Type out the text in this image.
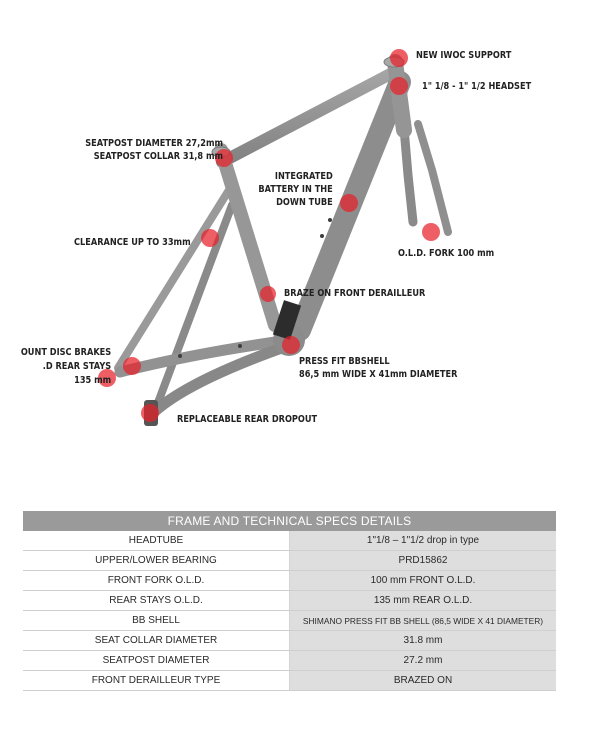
NEW IWOC SUPPORT
1" 1/8 - 1" 1/2 HEADSET
SEATPOST DIAMETER 27,2mm
SEATPOST COLLAR 31,8 mm
INTEGRATED
BATTERY IN THE
DOWN TUBE
O.L.D. FORK 100 mm
CLEARANCE UP TO 33mm
BRAZE ON FRONT DERAILLEUR
OUNT DISC BRAKES
.D REAR STAYS
135 mm
PRESS FIT BBSHELL
86,5 mm WIDE X 41mm DIAMETER
REPLACEABLE REAR DROPOUT
FRAME AND TECHNICAL SPECS DETAILS	
HEADTUBE	1"1/8 – 1"1/2 drop in type
UPPER/LOWER BEARING	PRD15862
FRONT FORK O.L.D.	100 mm FRONT O.L.D.
REAR STAYS O.L.D.	135 mm REAR O.L.D.
BB SHELL	SHIMANO PRESS FIT BB SHELL (86,5 WIDE X 41 DIAMETER)
SEAT COLLAR DIAMETER	31.8 mm
SEATPOST DIAMETER	27.2 mm
FRONT DERAILLEUR TYPE	BRAZED ON
